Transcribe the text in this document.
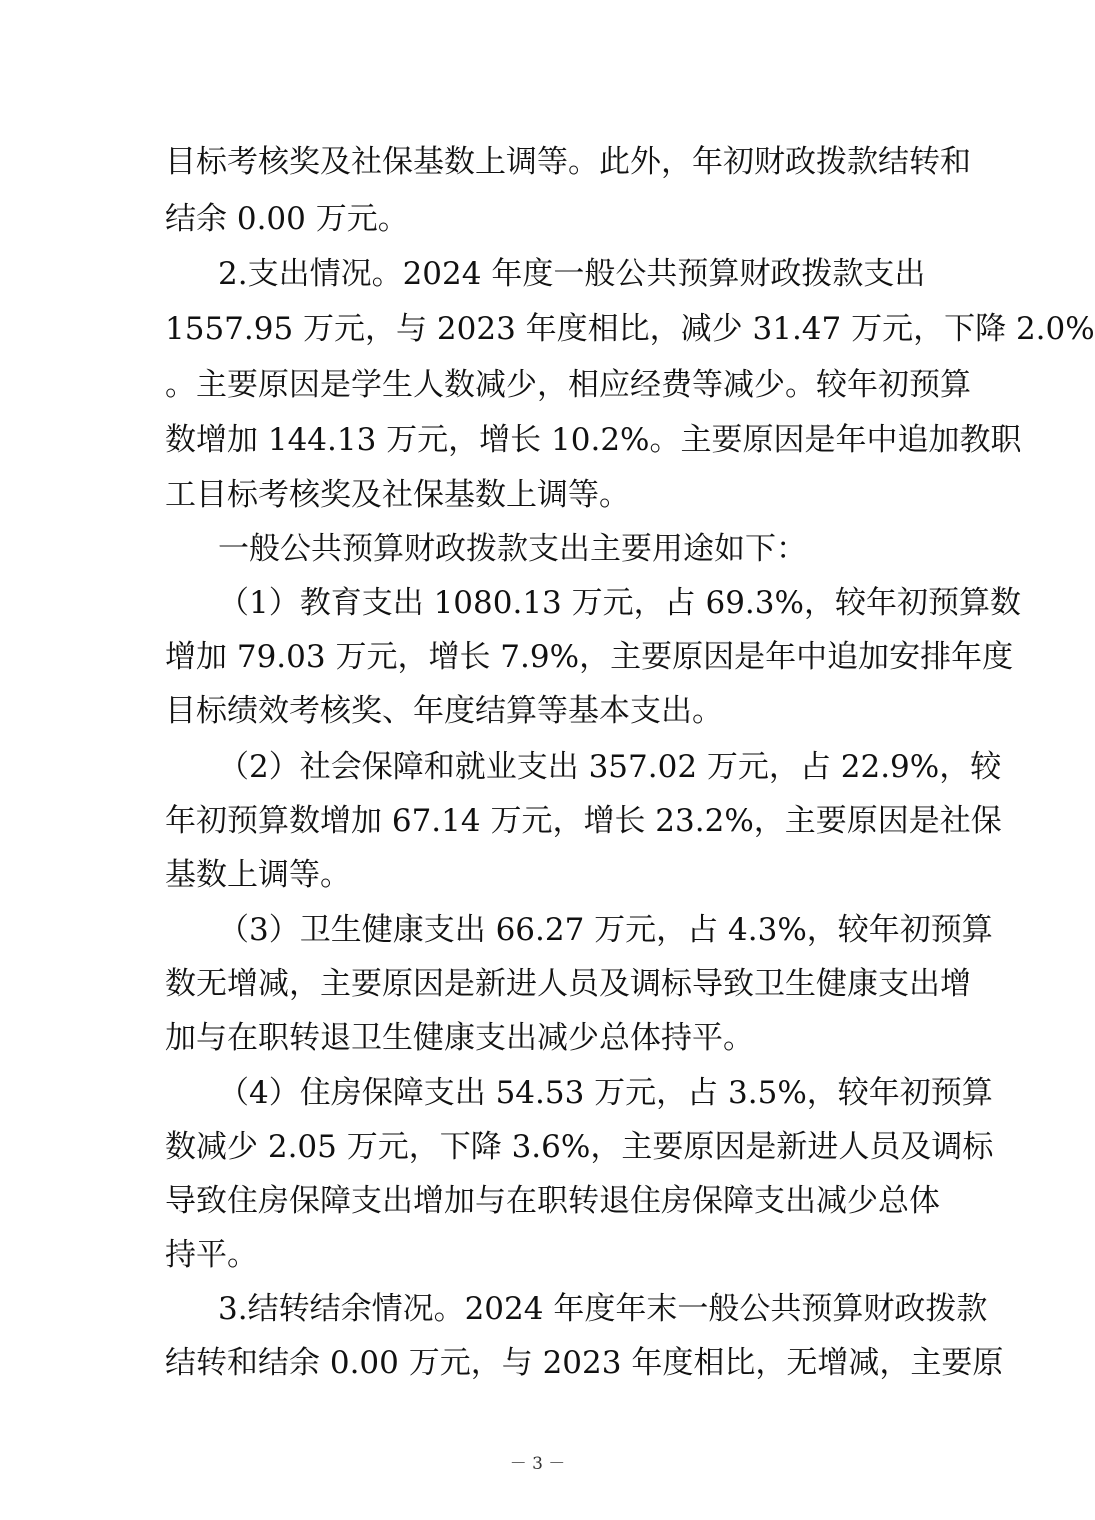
目标考核奖及社保基数上调等。此外，年初财政拨款结转和
结余 0.00 万元。
2.支出情况。2024 年度一般公共预算财政拨款支出
1557.95 万元，与 2023 年度相比，减少 31.47 万元，下降 2.0%
。主要原因是学生人数减少，相应经费等减少。较年初预算
数增加 144.13 万元，增长 10.2%。主要原因是年中追加教职
工目标考核奖及社保基数上调等。
一般公共预算财政拨款支出主要用途如下：
（1）教育支出 1080.13 万元，占 69.3%，较年初预算数
增加 79.03 万元，增长 7.9%，主要原因是年中追加安排年度
目标绩效考核奖、年度结算等基本支出。
（2）社会保障和就业支出 357.02 万元，占 22.9%，较
年初预算数增加 67.14 万元，增长 23.2%，主要原因是社保
基数上调等。
（3）卫生健康支出 66.27 万元，占 4.3%，较年初预算
数无增减，主要原因是新进人员及调标导致卫生健康支出增
加与在职转退卫生健康支出减少总体持平。
（4）住房保障支出 54.53 万元，占 3.5%，较年初预算
数减少 2.05 万元，下降 3.6%，主要原因是新进人员及调标
导致住房保障支出增加与在职转退住房保障支出减少总体
持平。
3.结转结余情况。2024 年度年末一般公共预算财政拨款
结转和结余 0.00 万元，与 2023 年度相比，无增减，主要原
－ 3 －
